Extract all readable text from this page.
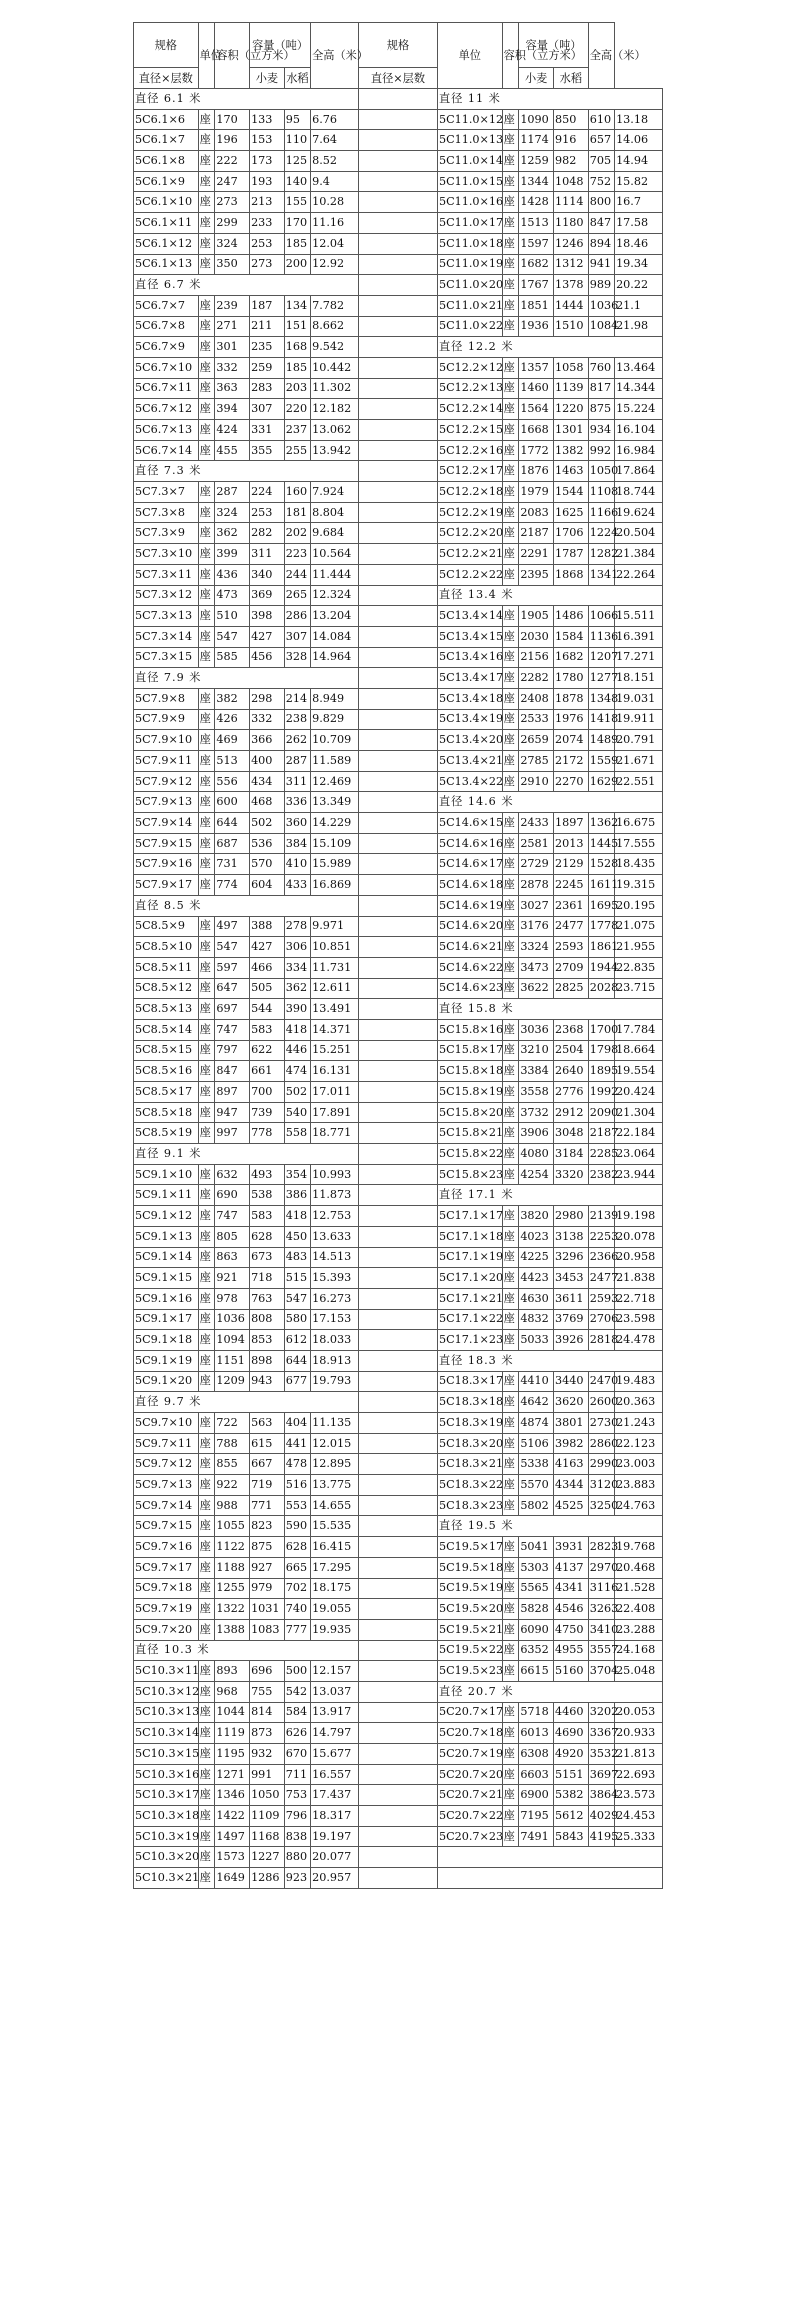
规格	单位	容积（立方米）	容量（吨）		全高（米）	规格	单位	容积（立方米）	容量（吨）		全高（米）	
直径×层数			小麦	水稻		直径×层数			小麦	水稻		
直径 6.1 米							直径 11 米					
5C6.1×6	座	170	133	95	6.76		5C11.0×12	座	1090	850	610	13.18
5C6.1×7	座	196	153	110	7.64		5C11.0×13	座	1174	916	657	14.06
5C6.1×8	座	222	173	125	8.52		5C11.0×14	座	1259	982	705	14.94
5C6.1×9	座	247	193	140	9.4		5C11.0×15	座	1344	1048	752	15.82
5C6.1×10	座	273	213	155	10.28		5C11.0×16	座	1428	1114	800	16.7
5C6.1×11	座	299	233	170	11.16		5C11.0×17	座	1513	1180	847	17.58
5C6.1×12	座	324	253	185	12.04		5C11.0×18	座	1597	1246	894	18.46
5C6.1×13	座	350	273	200	12.92		5C11.0×19	座	1682	1312	941	19.34
直径 6.7 米							5C11.0×20	座	1767	1378	989	20.22
5C6.7×7	座	239	187	134	7.782		5C11.0×21	座	1851	1444	1036	21.1
5C6.7×8	座	271	211	151	8.662		5C11.0×22	座	1936	1510	1084	21.98
5C6.7×9	座	301	235	168	9.542		直径 12.2 米					
5C6.7×10	座	332	259	185	10.442		5C12.2×12	座	1357	1058	760	13.464
5C6.7×11	座	363	283	203	11.302		5C12.2×13	座	1460	1139	817	14.344
5C6.7×12	座	394	307	220	12.182		5C12.2×14	座	1564	1220	875	15.224
5C6.7×13	座	424	331	237	13.062		5C12.2×15	座	1668	1301	934	16.104
5C6.7×14	座	455	355	255	13.942		5C12.2×16	座	1772	1382	992	16.984
直径 7.3 米							5C12.2×17	座	1876	1463	1050	17.864
5C7.3×7	座	287	224	160	7.924		5C12.2×18	座	1979	1544	1108	18.744
5C7.3×8	座	324	253	181	8.804		5C12.2×19	座	2083	1625	1166	19.624
5C7.3×9	座	362	282	202	9.684		5C12.2×20	座	2187	1706	1224	20.504
5C7.3×10	座	399	311	223	10.564		5C12.2×21	座	2291	1787	1282	21.384
5C7.3×11	座	436	340	244	11.444		5C12.2×22	座	2395	1868	1341	22.264
5C7.3×12	座	473	369	265	12.324		直径 13.4 米					
5C7.3×13	座	510	398	286	13.204		5C13.4×14	座	1905	1486	1066	15.511
5C7.3×14	座	547	427	307	14.084		5C13.4×15	座	2030	1584	1136	16.391
5C7.3×15	座	585	456	328	14.964		5C13.4×16	座	2156	1682	1207	17.271
直径 7.9 米							5C13.4×17	座	2282	1780	1277	18.151
5C7.9×8	座	382	298	214	8.949		5C13.4×18	座	2408	1878	1348	19.031
5C7.9×9	座	426	332	238	9.829		5C13.4×19	座	2533	1976	1418	19.911
5C7.9×10	座	469	366	262	10.709		5C13.4×20	座	2659	2074	1489	20.791
5C7.9×11	座	513	400	287	11.589		5C13.4×21	座	2785	2172	1559	21.671
5C7.9×12	座	556	434	311	12.469		5C13.4×22	座	2910	2270	1629	22.551
5C7.9×13	座	600	468	336	13.349		直径 14.6 米					
5C7.9×14	座	644	502	360	14.229		5C14.6×15	座	2433	1897	1362	16.675
5C7.9×15	座	687	536	384	15.109		5C14.6×16	座	2581	2013	1445	17.555
5C7.9×16	座	731	570	410	15.989		5C14.6×17	座	2729	2129	1528	18.435
5C7.9×17	座	774	604	433	16.869		5C14.6×18	座	2878	2245	1611	19.315
直径 8.5 米							5C14.6×19	座	3027	2361	1695	20.195
5C8.5×9	座	497	388	278	9.971		5C14.6×20	座	3176	2477	1778	21.075
5C8.5×10	座	547	427	306	10.851		5C14.6×21	座	3324	2593	1861	21.955
5C8.5×11	座	597	466	334	11.731		5C14.6×22	座	3473	2709	1944	22.835
5C8.5×12	座	647	505	362	12.611		5C14.6×23	座	3622	2825	2028	23.715
5C8.5×13	座	697	544	390	13.491		直径 15.8 米					
5C8.5×14	座	747	583	418	14.371		5C15.8×16	座	3036	2368	1700	17.784
5C8.5×15	座	797	622	446	15.251		5C15.8×17	座	3210	2504	1798	18.664
5C8.5×16	座	847	661	474	16.131		5C15.8×18	座	3384	2640	1895	19.554
5C8.5×17	座	897	700	502	17.011		5C15.8×19	座	3558	2776	1992	20.424
5C8.5×18	座	947	739	540	17.891		5C15.8×20	座	3732	2912	2090	21.304
5C8.5×19	座	997	778	558	18.771		5C15.8×21	座	3906	3048	2187	22.184
直径 9.1 米							5C15.8×22	座	4080	3184	2285	23.064
5C9.1×10	座	632	493	354	10.993		5C15.8×23	座	4254	3320	2382	23.944
5C9.1×11	座	690	538	386	11.873		直径 17.1 米					
5C9.1×12	座	747	583	418	12.753		5C17.1×17	座	3820	2980	2139	19.198
5C9.1×13	座	805	628	450	13.633		5C17.1×18	座	4023	3138	2253	20.078
5C9.1×14	座	863	673	483	14.513		5C17.1×19	座	4225	3296	2366	20.958
5C9.1×15	座	921	718	515	15.393		5C17.1×20	座	4423	3453	2477	21.838
5C9.1×16	座	978	763	547	16.273		5C17.1×21	座	4630	3611	2593	22.718
5C9.1×17	座	1036	808	580	17.153		5C17.1×22	座	4832	3769	2706	23.598
5C9.1×18	座	1094	853	612	18.033		5C17.1×23	座	5033	3926	2818	24.478
5C9.1×19	座	1151	898	644	18.913		直径 18.3 米					
5C9.1×20	座	1209	943	677	19.793		5C18.3×17	座	4410	3440	2470	19.483
直径 9.7 米							5C18.3×18	座	4642	3620	2600	20.363
5C9.7×10	座	722	563	404	11.135		5C18.3×19	座	4874	3801	2730	21.243
5C9.7×11	座	788	615	441	12.015		5C18.3×20	座	5106	3982	2860	22.123
5C9.7×12	座	855	667	478	12.895		5C18.3×21	座	5338	4163	2990	23.003
5C9.7×13	座	922	719	516	13.775		5C18.3×22	座	5570	4344	3120	23.883
5C9.7×14	座	988	771	553	14.655		5C18.3×23	座	5802	4525	3250	24.763
5C9.7×15	座	1055	823	590	15.535		直径 19.5 米					
5C9.7×16	座	1122	875	628	16.415		5C19.5×17	座	5041	3931	2823	19.768
5C9.7×17	座	1188	927	665	17.295		5C19.5×18	座	5303	4137	2970	20.468
5C9.7×18	座	1255	979	702	18.175		5C19.5×19	座	5565	4341	3116	21.528
5C9.7×19	座	1322	1031	740	19.055		5C19.5×20	座	5828	4546	3263	22.408
5C9.7×20	座	1388	1083	777	19.935		5C19.5×21	座	6090	4750	3410	23.288
直径 10.3 米							5C19.5×22	座	6352	4955	3557	24.168
5C10.3×11	座	893	696	500	12.157		5C19.5×23	座	6615	5160	3704	25.048
5C10.3×12	座	968	755	542	13.037		直径 20.7 米					
5C10.3×13	座	1044	814	584	13.917		5C20.7×17	座	5718	4460	3202	20.053
5C10.3×14	座	1119	873	626	14.797		5C20.7×18	座	6013	4690	3367	20.933
5C10.3×15	座	1195	932	670	15.677		5C20.7×19	座	6308	4920	3532	21.813
5C10.3×16	座	1271	991	711	16.557		5C20.7×20	座	6603	5151	3697	22.693
5C10.3×17	座	1346	1050	753	17.437		5C20.7×21	座	6900	5382	3864	23.573
5C10.3×18	座	1422	1109	796	18.317		5C20.7×22	座	7195	5612	4029	24.453
5C10.3×19	座	1497	1168	838	19.197		5C20.7×23	座	7491	5843	4195	25.333
5C10.3×20	座	1573	1227	880	20.077							
5C10.3×21	座	1649	1286	923	20.957							
